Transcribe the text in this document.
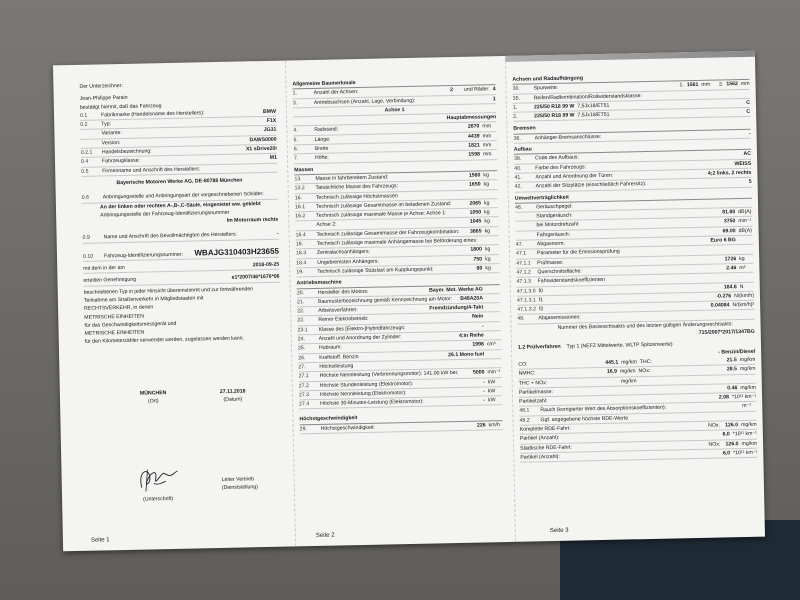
Der Unterzeichner:
Jean-Philippe Parain
bestätigt hiermit, daß das Fahrzeug
0.1	Fabrikmarke (Handelsname des Herstellers):	BMW
0.2	Typ:
F1X
Variante:
JG31
Version:	DAWS0000
0.2.1	Handelsbezeichnung:	X1 sDrive20i
0.4	Fahrzeugklasse:	M1
0.5	Firmenname und Anschrift des Herstellers:
Bayerische Motoren Werke AG, DE-80788 München
0.6	Anbringungsstelle und Anbringungsart der vorgeschriebenen Schilder:
An der linken oder rechten A-,B-,C-Säule, eingenietet ww. geklebt
Anbringungsstelle der Fahrzeug-Identifizierungsnummer
Im Motorraum rechts
0.9	Name und Anschrift des Bevollmächtigten des Herstellers:	-
0.10	Fahrzeug-Identifizierungsnummer:	WBAJG310403H23655
mit dem in der am	2018-09-25
erteilten Genehmigung	e1*2007/46*1676*06
beschriebenen Typ in jeder Hinsicht übereinstimmt und zur fortwährenden
Teilnahme am Straßenverkehr in Mitgliedstaaten mit
RECHTSVERKEHR, in denen
METRISCHE EINHEITEN
für das Geschwindigkeitsmessgerät und
METRISCHE EINHEITEN
für den Kilometerzähler verwendet werden, zugelassen werden kann.
MÜNCHEN
(Ort)
27.11.2018
(Datum)
(Unterschrift)
Leiter Vertrieb
(Dienststellung)
Seite 1
Allgemeine Baumerkmale
1.	Anzahl der Achsen:	2 und Räder: 4
3.	Antriebsachsen (Anzahl, Lage, Verbindung):	1
Achse 1
Hauptabmessungen
4.	Radstand:	2670 mm
5.	Länge:
4439 mm
6.	Breite
1821 mm
7.	Höhe:
1598 mm
Massen
13.	Masse in fahrbereitem Zustand:	1560 kg
13.2	Tatsächliche Masse des Fahrzeugs:	1650 kg
16.	Technisch zulässige Höchstmassen
16.1	Technisch zulässige Gesamtmasse im beladenen Zustand:	2065 kg
16.2	Technisch zulässige maximale Masse je Achse: Achse 1:	1050 kg
Achse 2:	1045 kg
16.4	Technisch zulässige Gesamtmasse der Fahrzeugkombination:	3865 kg
18.	Technisch zulässige maximale Anhängemasse bei Beförderung eines:
18.3	Zentralachsanhängers:	1800 kg
18.4	Ungebremsten Anhängers:	750 kg
19.	Technisch zulässige Stützlast am Kupplungspunkt:	80 kg
Antriebsmaschine
20.	Hersteller des Motors:	Bayer. Mot. Werke AG
21.	Baumusterbezeichnung gemäß Kennzeichnung am Motor:	B48A20A
22.	Arbeitsverfahren:	Fremdzündung/4-Takt
22.	Reiner Elektrobetrieb:	Nein
23.1	Klasse des [Elektro-]Hybridfahrzeugs:	-
24.	Anzahl und Anordnung der Zylinder:	4;in Reihe
25.	Hubraum:	1998 cm³
26.	Kraftstoff: Benzin	26.1 Mono fuel
27.	Höchstleistung
27.1	Höchste Nennleistung (Verbrennungsmotor): 141.00 kW bei:	5000 min⁻¹
27.2	Höchste Stundenleistung (Elektromotor):	- kW
27.3	Höchste Nennleistung (Elektromotor):	- kW
27.4	Höchste 30-Minuten-Leistung (Elektromotor):	- kW
Höchstgeschwindigkeit
29.	Höchstgeschwindigkeit:	226 km/h
Seite 2
Achsen und Radaufhängung
30.	Spurweite:	1. 1561 mm 2. 1562 mm
35.	Reifen/Radkombination/Rollwiderstandsklasse:
1.	225/50 R18 99 W 7,5Jx18/ET51	C
2.	225/50 R18 99 W 7,5Jx18/ET51	C
Bremsen
36.	Anhänger-Bremsanschlüsse:
-
Aufbau
38.	Code des Aufbaus:
AC
40.	Farbe des Fahrzeugs:
WEISS
41.	Anzahl und Anordnung der Türen:	4;2 links, 2 rechts
42.	Anzahl der Sitzplätze (einschließlich Fahrersitz):	5
Umweltverträglichkeit
46.	Geräuschpegel:
Standgeräusch:
81.80 dB(A)
bei Motordrehzahl:
3750 min⁻¹
Fahrgeräusch:
69.00 dB(A)
47.	Abgasnorm:
Euro 6 BG
47.1	Parameter für die Emissionsprüfung
47.1.1	Prüfmasse:
1726 kg
47.1.2	Querschnittsfläche:
2.46 m²
47.1.3	Fahrwiderstandskoeffizienten
47.1.3.0 f0
184.8 N
47.1.3.1 f1
-0.276 N/(km/h)
47.1.3.2 f2
0.04084 N/(km/h)²
48.	Abgasemissionen:
Nummer des Basisrechtsakts und des letzten gültigen Änderungsrechtsakts:
715/2007*2017/1347BG
1.2 Prüfverfahren Typ 1 (NEFZ Mittelwerte, WLTP Spitzenwerte)
- Benzin/Diesel
CO:	445.1 mg/km THC:	21.5 mg/km
NMHC:	16.9 mg/km NOx:	28.5 mg/km
THC + NOx:	mg/km
Partikelmasse:
0.46 mg/km
Partikelzahl:
2.08 *10¹¹ km⁻¹
48.1	Rauch (korrigierter Wert des Absorptionskoeffizienten):	m⁻¹
48.2	Ggf. angegebene höchste RDE-Werte
Komplette RDE-Fahrt:
NOx: 126.0 mg/km
Partikel (Anzahl):
6,0 *10¹¹ km⁻¹
Städtische RDE-Fahrt:	NOx: 126.0 mg/km
Partikel (Anzahl):
6,0 *10¹¹ km⁻¹
Seite 3
